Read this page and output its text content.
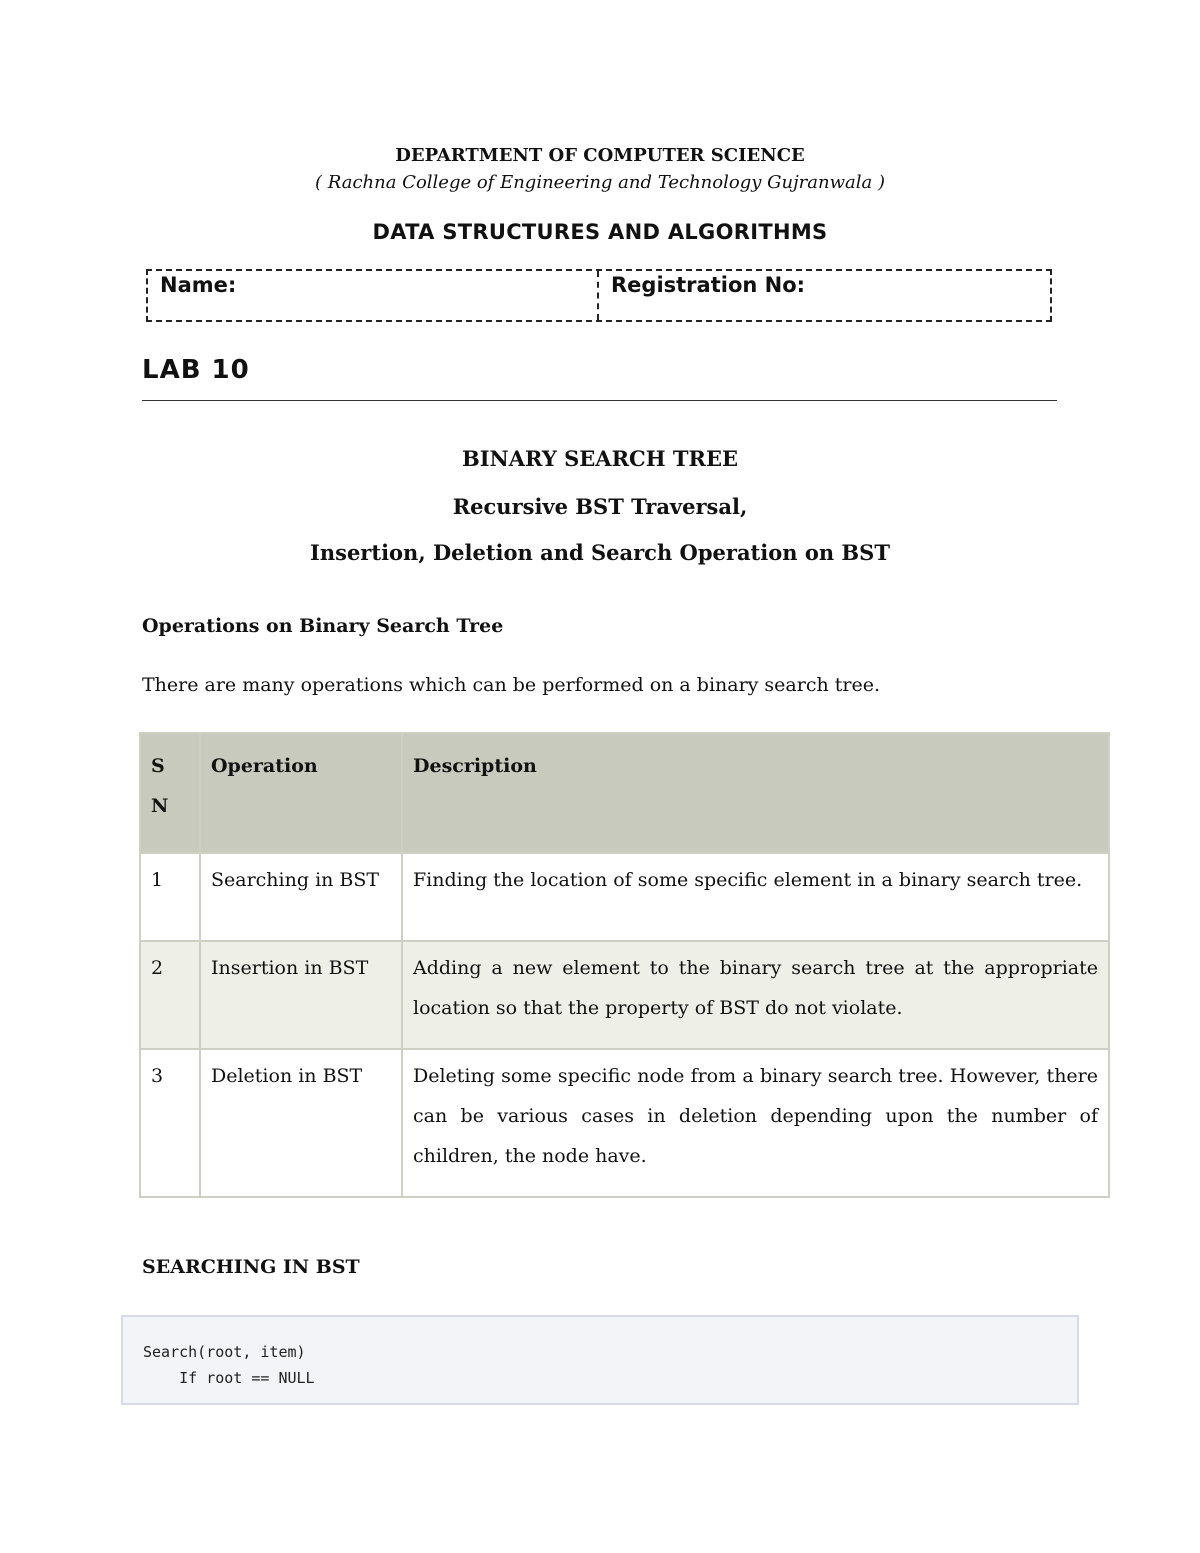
DEPARTMENT OF COMPUTER SCIENCE
( Rachna College of Engineering and Technology Gujranwala )
DATA STRUCTURES AND ALGORITHMS
Name:	Registration No:
LAB 10
BINARY SEARCH TREE
Recursive BST Traversal,
Insertion, Deletion and Search Operation on BST
Operations on Binary Search Tree
There are many operations which can be performed on a binary search tree.
SN	Operation	Description
1	Searching in BST	Finding the location of some specific element in a binary search tree.
2	Insertion in BST	Adding a new element to the binary search tree at the appropriate location so that the property of BST do not violate.
3	Deletion in BST	Deleting some specific node from a binary search tree. However, there can be various cases in deletion depending upon the number of children, the node have.
SEARCHING IN BST
Search(root, item)
If root == NULL
